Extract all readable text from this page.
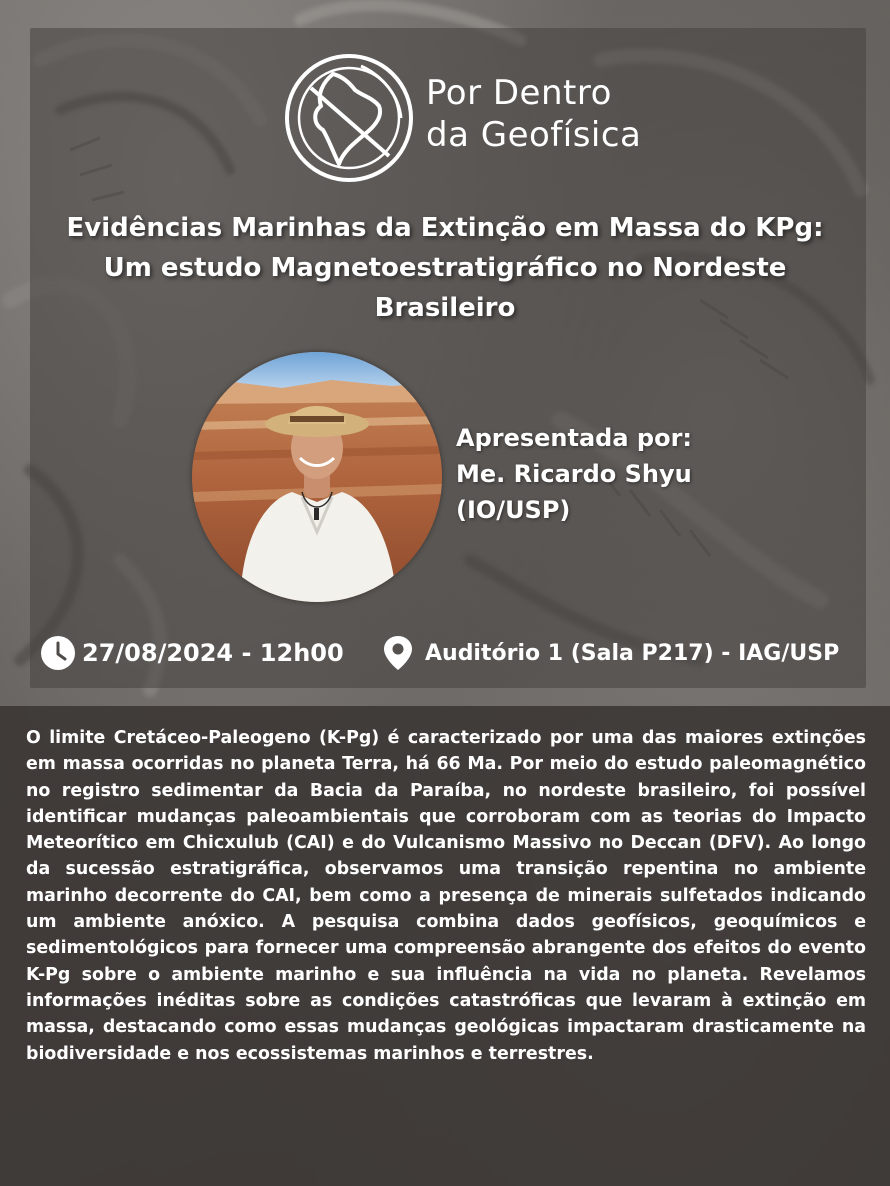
Por Dentro
da Geofísica
Evidências Marinhas da Extinção em Massa do KPg:
Um estudo Magnetoestratigráfico no Nordeste
Brasileiro
Apresentada por:
Me. Ricardo Shyu
(IO/USP)
27/08/2024 - 12h00	Auditório 1 (Sala P217) - IAG/USP
O limite Cretáceo-Paleogeno (K-Pg) é caracterizado por uma das maiores extinções em massa ocorridas no planeta Terra, há 66 Ma. Por meio do estudo paleomagnético no registro sedimentar da Bacia da Paraíba, no nordeste brasileiro, foi possível identificar mudanças paleoambientais que corroboram com as teorias do Impacto Meteorítico em Chicxulub (CAI) e do Vulcanismo Massivo no Deccan (DFV). Ao longo da sucessão estratigráfica, observamos uma transição repentina no ambiente marinho decorrente do CAI, bem como a presença de minerais sulfetados indicando um ambiente anóxico. A pesquisa combina dados geofísicos, geoquímicos e sedimentológicos para fornecer uma compreensão abrangente dos efeitos do evento K-Pg sobre o ambiente marinho e sua influência na vida no planeta. Revelamos informações inéditas sobre as condições catastróficas que levaram à extinção em massa, destacando como essas mudanças geológicas impactaram drasticamente na biodiversidade e nos ecossistemas marinhos e terrestres.
